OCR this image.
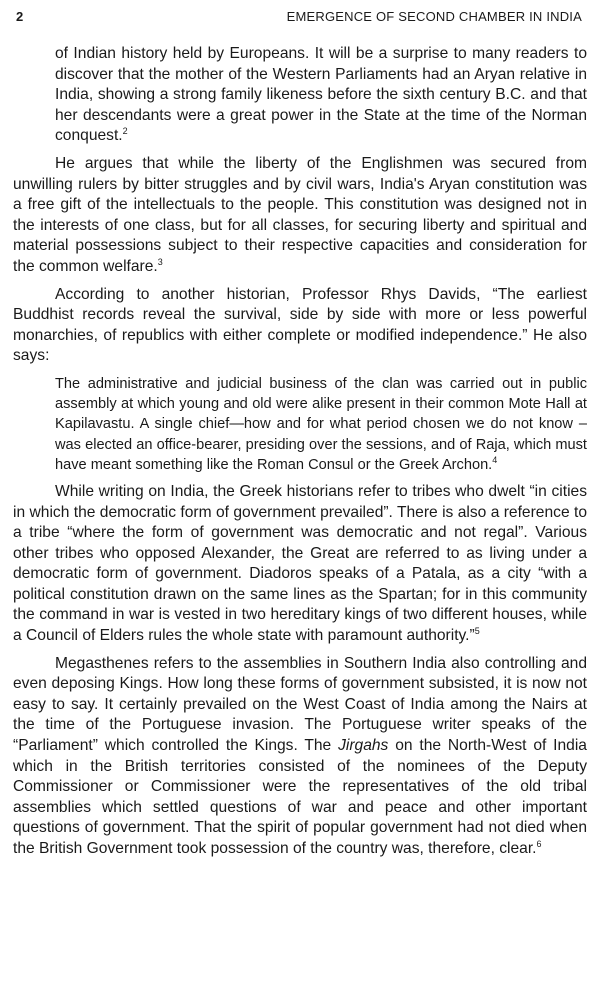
2	EMERGENCE OF SECOND CHAMBER IN INDIA

of Indian history held by Europeans. It will be a surprise to many readers to discover that the mother of the Western Parliaments had an Aryan relative in India, showing a strong family likeness before the sixth century B.C. and that her descendants were a great power in the State at the time of the Norman conquest.$^2$

He argues that while the liberty of the Englishmen was secured from unwilling rulers by bitter struggles and by civil wars, India's Aryan constitution was a free gift of the intellectuals to the people. This constitution was designed not in the interests of one class, but for all classes, for securing liberty and spiritual and material possessions subject to their respective capacities and consideration for the common welfare.$^3$

According to another historian, Professor Rhys Davids, “The earliest Buddhist records reveal the survival, side by side with more or less powerful monarchies, of republics with either complete or modified independence.” He also says:

The administrative and judicial business of the clan was carried out in public assembly at which young and old were alike present in their common Mote Hall at Kapilavastu. A single chief—how and for what period chosen we do not know – was elected an office-bearer, presiding over the sessions, and of Raja, which must have meant something like the Roman Consul or the Greek Archon.$^4$

While writing on India, the Greek historians refer to tribes who dwelt “in cities in which the democratic form of government prevailed”. There is also a reference to a tribe “where the form of government was democratic and not regal”. Various other tribes who opposed Alexander, the Great are referred to as living under a democratic form of government. Diadoros speaks of a Patala, as a city “with a political constitution drawn on the same lines as the Spartan; for in this community the command in war is vested in two hereditary kings of two different houses, while a Council of Elders rules the whole state with paramount authority.”$^5$

Megasthenes refers to the assemblies in Southern India also controlling and even deposing Kings. How long these forms of government subsisted, it is now not easy to say. It certainly prevailed on the West Coast of India among the Nairs at the time of the Portuguese invasion. The Portuguese writer speaks of the “Parliament” which controlled the Kings. The Jirgahs on the North-West of India which in the British territories consisted of the nominees of the Deputy Commissioner or Commissioner were the representatives of the old tribal assemblies which settled questions of war and peace and other important questions of government. That the spirit of popular government had not died when the British Government took possession of the country was, therefore, clear.$^6$
